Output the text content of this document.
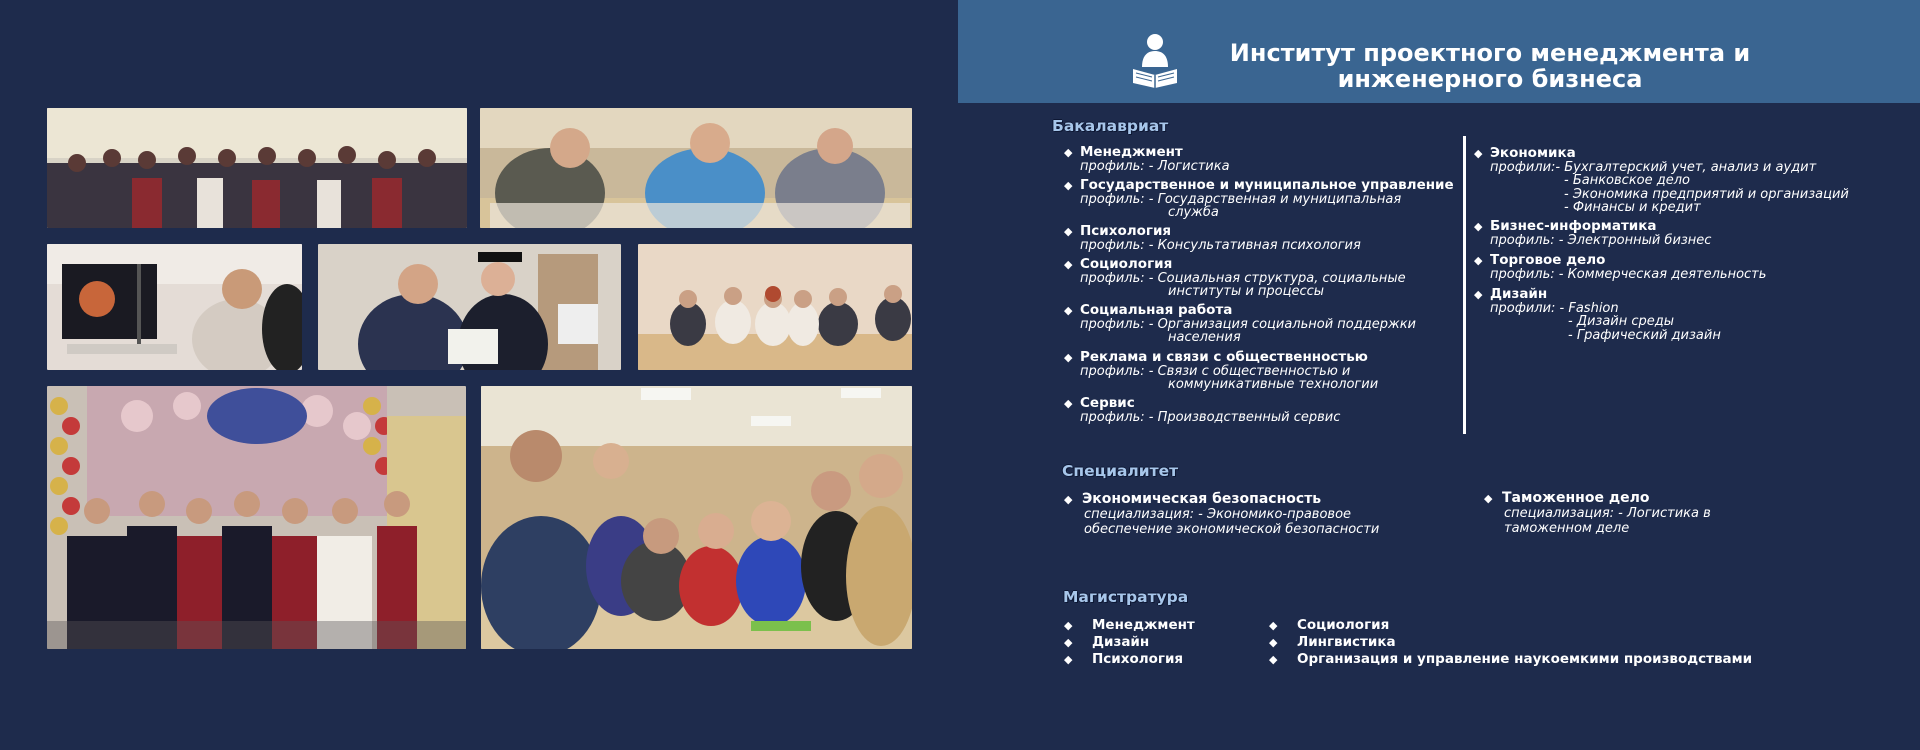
Институт проектного менеджмента и
инженерного бизнеса
Бакалавриат
◆ Менеджмент
профиль: - Логистика
◆ Государственное и муниципальное управление
профиль: - Государственная и муниципальная
служба
◆ Психология
профиль: - Консультативная психология
◆ Социология
профиль: - Социальная структура, социальные
институты и процессы
◆ Социальная работа
профиль: - Организация социальной поддержки
населения
◆ Реклама и связи с общественностью
профиль: - Связи с общественностью и
коммуникативные технологии
◆ Сервис
профиль: - Производственный сервис
◆ Экономика
профили:- Бухгалтерский учет, анализ и аудит
- Банковское дело
- Экономика предприятий и организаций
- Финансы и кредит
◆ Бизнес-информатика
профиль: - Электронный бизнес
◆ Торговое дело
профиль: - Коммерческая деятельность
◆ Дизайн
профили: - Fashion
- Дизайн среды
- Графический дизайн
Специалитет
◆ Экономическая безопасность
специализация: - Экономико-правовое
обеспечение экономической безопасности
◆ Таможенное дело
специализация: - Логистика в
таможенном деле
Магистратура
◆ Менеджмент
◆ Дизайн
◆ Психология
◆ Социология
◆ Лингвистика
◆ Организация и управление наукоемкими производствами
